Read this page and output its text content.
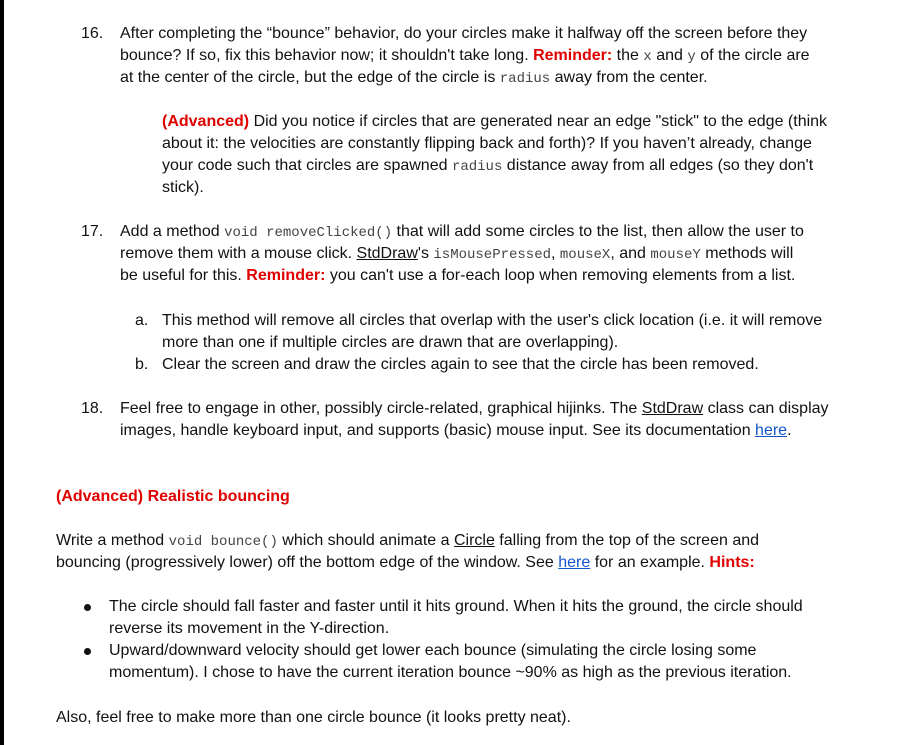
16. After completing the “bounce” behavior, do your circles make it halfway off the screen before they

bounce? If so, fix this behavior now; it shouldn't take long. Reminder: the x and y of the circle are

at the center of the circle, but the edge of the circle is radius away from the center.

(Advanced) Did you notice if circles that are generated near an edge "stick" to the edge (think

about it: the velocities are constantly flipping back and forth)? If you haven’t already, change

your code such that circles are spawned radius distance away from all edges (so they don't

stick).

17. Add a method void removeClicked() that will add some circles to the list, then allow the user to

remove them with a mouse click. StdDraw's isMousePressed, mouseX, and mouseY methods will

be useful for this. Reminder: you can't use a for-each loop when removing elements from a list.

a. This method will remove all circles that overlap with the user's click location (i.e. it will remove

more than one if multiple circles are drawn that are overlapping).

b. Clear the screen and draw the circles again to see that the circle has been removed.

18. Feel free to engage in other, possibly circle-related, graphical hijinks. The StdDraw class can display

images, handle keyboard input, and supports (basic) mouse input. See its documentation here.

(Advanced) Realistic bouncing

Write a method void bounce() which should animate a Circle falling from the top of the screen and

bouncing (progressively lower) off the bottom edge of the window. See here for an example. Hints:

The circle should fall faster and faster until it hits ground. When it hits the ground, the circle should

reverse its movement in the Y-direction.

Upward/downward velocity should get lower each bounce (simulating the circle losing some

momentum). I chose to have the current iteration bounce ~90% as high as the previous iteration.

Also, feel free to make more than one circle bounce (it looks pretty neat).
